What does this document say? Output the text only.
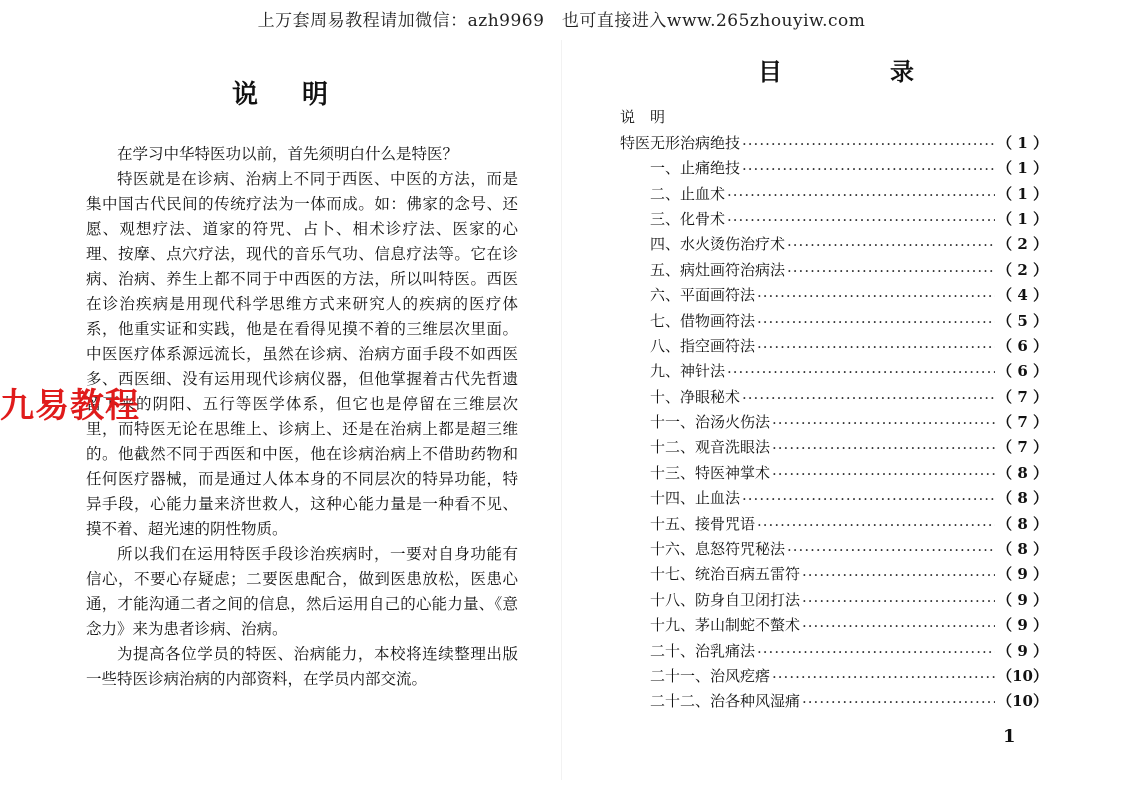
上万套周易教程请加微信：azh9969　也可直接进入www.265zhouyiw.com
说明

在学习中华特医功以前，首先须明白什么是特医？

特医就是在诊病、治病上不同于西医、中医的方法，而是集中国古代民间的传统疗法为一体而成。如：佛家的念号、还愿、观想疗法、道家的符咒、占卜、相术诊疗法、医家的心理、按摩、点穴疗法，现代的音乐气功、信息疗法等。它在诊病、治病、养生上都不同于中西医的方法，所以叫特医。西医在诊治疾病是用现代科学思维方式来研究人的疾病的医疗体系，他重实证和实践，他是在看得见摸不着的三维层次里面。中医医疗体系源远流长，虽然在诊病、治病方面手段不如西医多、西医细、没有运用现代诊病仪器，但他掌握着古代先哲遗留下来的阴阳、五行等医学体系，但它也是停留在三维层次里，而特医无论在思维上、诊病上、还是在治病上都是超三维的。他截然不同于西医和中医，他在诊病治病上不借助药物和任何医疗器械，而是通过人体本身的不同层次的特异功能，特异手段，心能力量来济世救人，这种心能力量是一种看不见、摸不着、超光速的阴性物质。

所以我们在运用特医手段诊治疾病时，一要对自身功能有信心，不要心存疑虑；二要医患配合，做到医患放松，医患心通，才能沟通二者之间的信息，然后运用自己的心能力量、《意念力》来为患者诊病、治病。

为提高各位学员的特医、治病能力，本校将连续整理出版一些特医诊病治病的内部资料，在学员内部交流。

九易教程
目录
说　明
特医无形治病绝技 ·····	（ 1 ）
一、止痛绝技 ·····	（ 1 ）
二、止血术 ·····	（ 1 ）
三、化骨术 ·····	（ 1 ）
四、水火烫伤治疗术 ·····	（ 2 ）
五、病灶画符治病法 ·····	（ 2 ）
六、平面画符法 ·····	（ 4 ）
七、借物画符法 ·····	（ 5 ）
八、指空画符法 ·····	（ 6 ）
九、神针法 ·····	（ 6 ）
十、净眼秘术 ·····	（ 7 ）
十一、治汤火伤法 ·····	（ 7 ）
十二、观音洗眼法 ·····	（ 7 ）
十三、特医神掌术 ·····	（ 8 ）
十四、止血法 ·····	（ 8 ）
十五、接骨咒语 ·····	（ 8 ）
十六、息怒符咒秘法 ·····	（ 8 ）
十七、统治百病五雷符 ·····	（ 9 ）
十八、防身自卫闭打法 ·····	（ 9 ）
十九、茅山制蛇不螫术 ·····	（ 9 ）
二十、治乳痛法 ·····	（ 9 ）
二十一、治风疙瘩 ·····	（10）
二十二、治各种风湿痛 ·····	（10）
1
